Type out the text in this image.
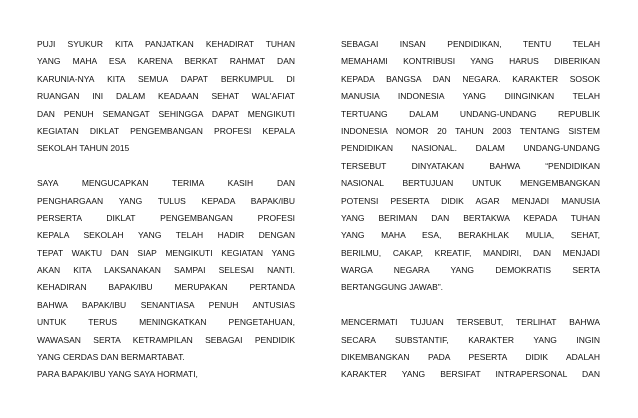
PUJI SYUKUR KITA PANJATKAN KEHADIRAT TUHAN
YANG MAHA ESA KARENA BERKAT RAHMAT DAN
KARUNIA-NYA KITA SEMUA DAPAT BERKUMPUL DI
RUANGAN INI DALAM KEADAAN SEHAT WAL'AFIAT
DAN PENUH SEMANGAT SEHINGGA DAPAT MENGIKUTI
KEGIATAN DIKLAT PENGEMBANGAN PROFESI KEPALA
SEKOLAH TAHUN 2015
SAYA MENGUCAPKAN TERIMA KASIH DAN
PENGHARGAAN YANG TULUS KEPADA BAPAK/IBU
PERSERTA DIKLAT PENGEMBANGAN PROFESI
KEPALA SEKOLAH YANG TELAH HADIR DENGAN
TEPAT WAKTU DAN SIAP MENGIKUTI KEGIATAN YANG
AKAN KITA LAKSANAKAN SAMPAI SELESAI NANTI.
KEHADIRAN BAPAK/IBU MERUPAKAN PERTANDA
BAHWA BAPAK/IBU SENANTIASA PENUH ANTUSIAS
UNTUK TERUS MENINGKATKAN PENGETAHUAN,
WAWASAN SERTA KETRAMPILAN SEBAGAI PENDIDIK
YANG CERDAS DAN BERMARTABAT.
PARA BAPAK/IBU YANG SAYA HORMATI,
SEBAGAI INSAN PENDIDIKAN, TENTU TELAH
MEMAHAMI KONTRIBUSI YANG HARUS DIBERIKAN
KEPADA BANGSA DAN NEGARA. KARAKTER SOSOK
MANUSIA INDONESIA YANG DIINGINKAN TELAH
TERTUANG DALAM UNDANG-UNDANG REPUBLIK
INDONESIA NOMOR 20 TAHUN 2003 TENTANG SISTEM
PENDIDIKAN NASIONAL. DALAM UNDANG-UNDANG
TERSEBUT DINYATAKAN BAHWA “PENDIDIKAN
NASIONAL BERTUJUAN UNTUK MENGEMBANGKAN
POTENSI PESERTA DIDIK AGAR MENJADI MANUSIA
YANG BERIMAN DAN BERTAKWA KEPADA TUHAN
YANG MAHA ESA, BERAKHLAK MULIA, SEHAT,
BERILMU, CAKAP, KREATIF, MANDIRI, DAN MENJADI
WARGA NEGARA YANG DEMOKRATIS SERTA
BERTANGGUNG JAWAB”.
MENCERMATI TUJUAN TERSEBUT, TERLIHAT BAHWA
SECARA SUBSTANTIF, KARAKTER YANG INGIN
DIKEMBANGKAN PADA PESERTA DIDIK ADALAH
KARAKTER YANG BERSIFAT INTRAPERSONAL DAN
